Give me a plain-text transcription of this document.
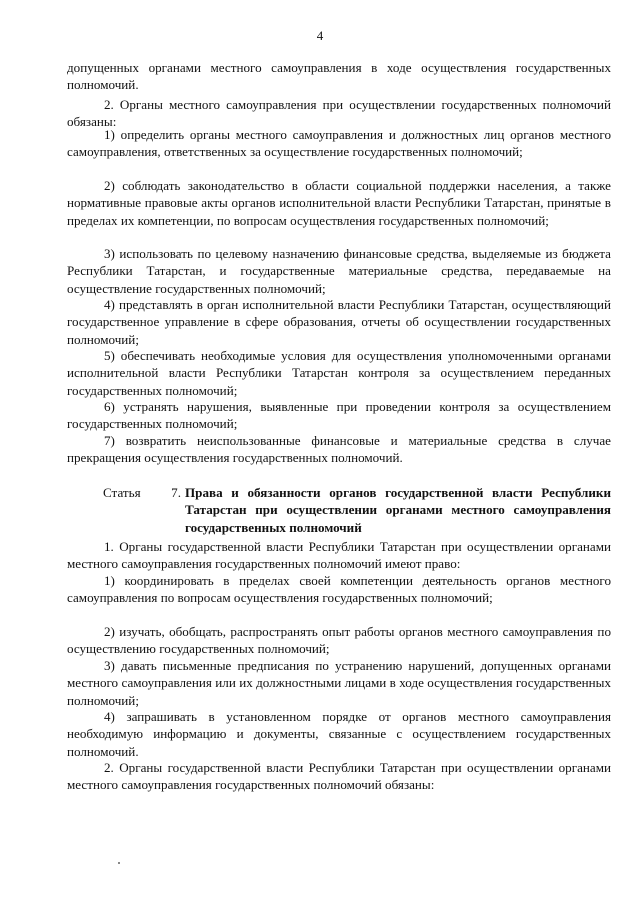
4
допущенных органами местного самоуправления в ходе осуществления государственных полномочий.
2. Органы местного самоуправления при осуществлении государственных полномочий обязаны:
1) определить органы местного самоуправления и должностных лиц органов местного самоуправления, ответственных за осуществление государственных полномочий;
2) соблюдать законодательство в области социальной поддержки населения, а также нормативные правовые акты органов исполнительной власти Республики Татарстан, принятые в пределах их компетенции, по вопросам осуществления государственных полномочий;
3) использовать по целевому назначению финансовые средства, выделяемые из бюджета Республики Татарстан, и государственные материальные средства, передаваемые на осуществление государственных полномочий;
4) представлять в орган исполнительной власти Республики Татарстан, осуществляющий государственное управление в сфере образования, отчеты об осуществлении государственных полномочий;
5) обеспечивать необходимые условия для осуществления уполномоченными органами исполнительной власти Республики Татарстан контроля за осуществлением переданных государственных полномочий;
6) устранять нарушения, выявленные при проведении контроля за осуществлением государственных полномочий;
7) возвратить неиспользованные финансовые и материальные средства в случае прекращения осуществления государственных полномочий.
Статья 7. Права и обязанности органов государственной власти Республики Татарстан при осуществлении органами местного самоуправления государственных полномочий
1. Органы государственной власти Республики Татарстан при осуществлении органами местного самоуправления государственных полномочий имеют право:
1) координировать в пределах своей компетенции деятельность органов местного самоуправления по вопросам осуществления государственных полномочий;
2) изучать, обобщать, распространять опыт работы органов местного самоуправления по осуществлению государственных полномочий;
3) давать письменные предписания по устранению нарушений, допущенных органами местного самоуправления или их должностными лицами в ходе осуществления государственных полномочий;
4) запрашивать в установленном порядке от органов местного самоуправления необходимую информацию и документы, связанные с осуществлением государственных полномочий.
2. Органы государственной власти Республики Татарстан при осуществлении органами местного самоуправления государственных полномочий обязаны:
